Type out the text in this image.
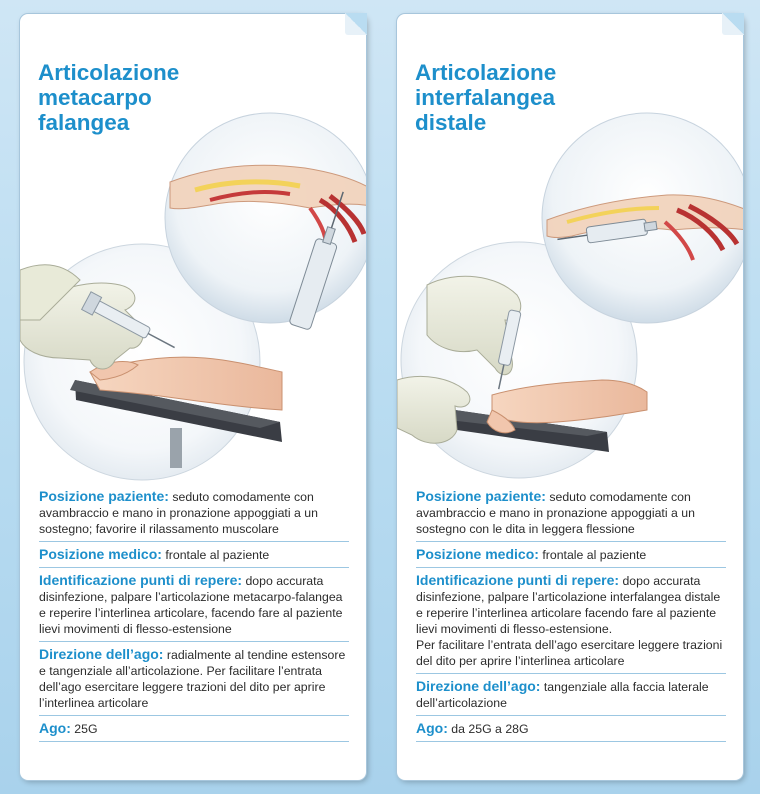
Articolazione
metacarpo
falangea
Posizione paziente: seduto comodamente con avambraccio e mano in pronazione appoggiati a un sostegno; favorire il rilassamento muscolare
Posizione medico: frontale al paziente
Identificazione punti di repere: dopo accurata disinfezione, palpare l’articolazione metacarpo-falangea e reperire l’interlinea articolare, facendo fare al paziente lievi movimenti di flesso-estensione
Direzione dell’ago: radialmente al tendine estensore e tangenziale all’articolazione. Per facilitare l’entrata dell’ago esercitare leggere trazioni del dito per aprire l’interlinea articolare
Ago: 25G
Articolazione
interfalangea
distale
Posizione paziente: seduto comodamente con avambraccio e mano in pronazione appoggiati a un sostegno con le dita in leggera flessione
Posizione medico: frontale al paziente
Identificazione punti di repere: dopo accurata disinfezione, palpare l’articolazione interfalangea distale e reperire l’interlinea articolare facendo fare al paziente lievi movimenti di flesso-estensione.
Per facilitare l’entrata dell’ago esercitare leggere trazioni del dito per aprire l’interlinea articolare
Direzione dell’ago: tangenziale alla faccia laterale dell’articolazione
Ago: da 25G a 28G
